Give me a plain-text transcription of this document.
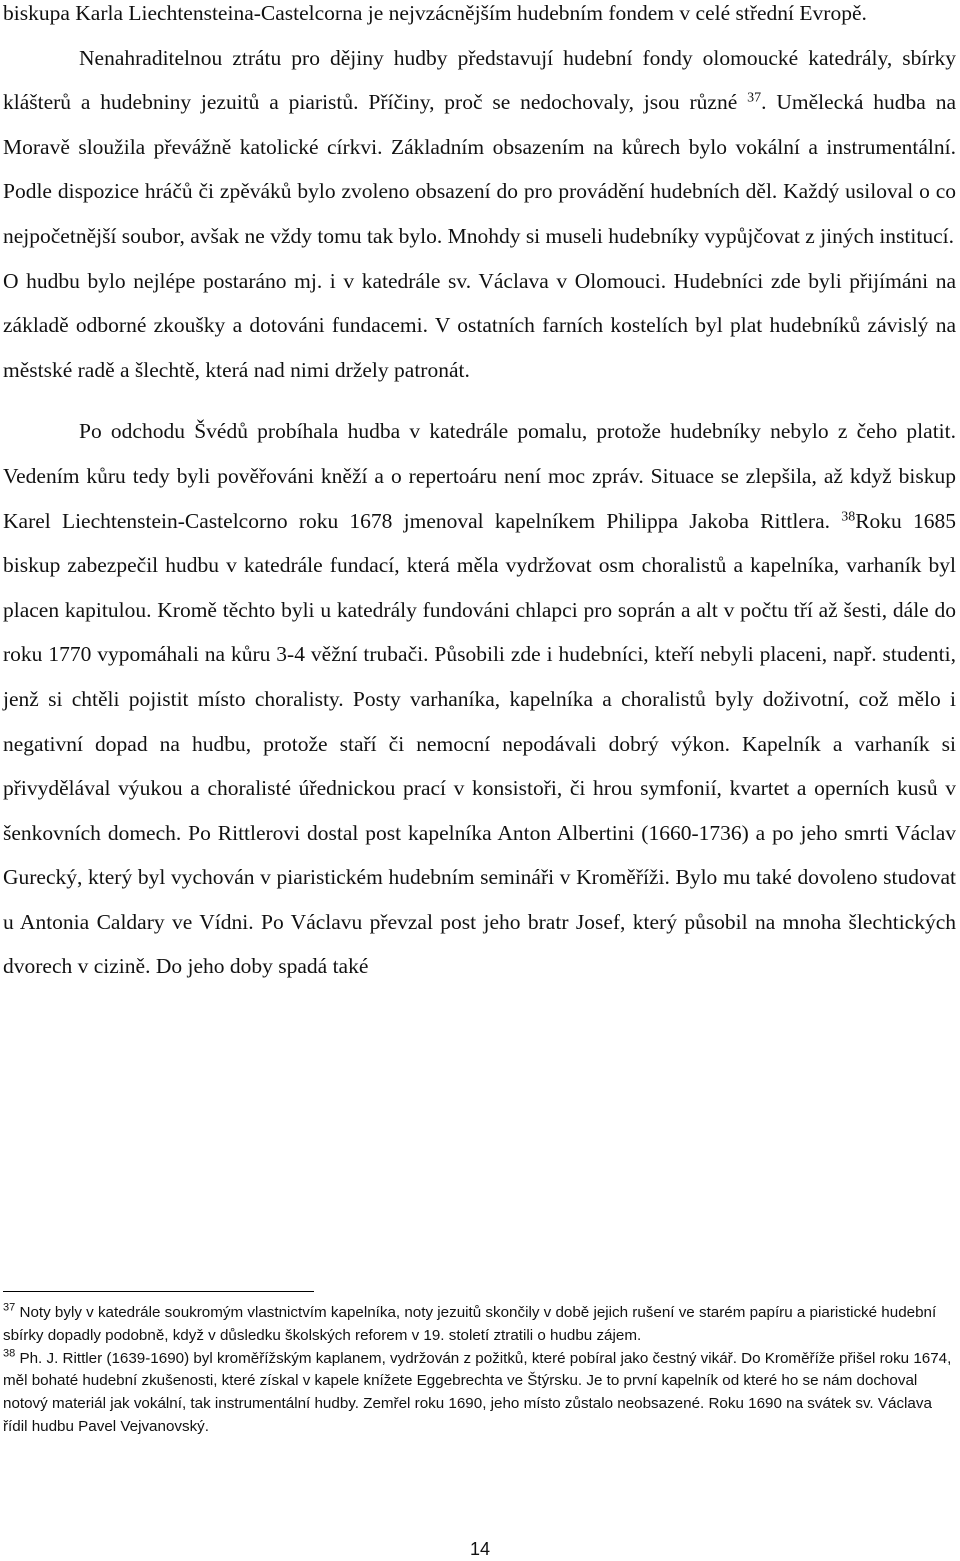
biskupa Karla Liechtensteina-Castelcorna je nejvzácnějším hudebním fondem v celé střední Evropě.

Nenahraditelnou ztrátu pro dějiny hudby představují hudební fondy olomoucké katedrály, sbírky klášterů a hudebniny jezuitů a piaristů. Příčiny, proč se nedochovaly, jsou různé $^{37}$. Umělecká hudba na Moravě sloužila převážně katolické církvi. Základním obsazením na kůrech bylo vokální a instrumentální. Podle dispozice hráčů či zpěváků bylo zvoleno obsazení do pro provádění hudebních děl. Každý usiloval o co nejpočetnější soubor, avšak ne vždy tomu tak bylo. Mnohdy si museli hudebníky vypůjčovat z jiných institucí.

O hudbu bylo nejlépe postaráno mj. i v katedrále sv. Václava v Olomouci. Hudebníci zde byli přijímáni na základě odborné zkoušky a dotováni fundacemi. V ostatních farních kostelích byl plat hudebníků závislý na městské radě a šlechtě, která nad nimi držely patronát.

Po odchodu Švédů probíhala hudba v katedrále pomalu, protože hudebníky nebylo z čeho platit. Vedením kůru tedy byli pověřováni kněží a o repertoáru není moc zpráv. Situace se zlepšila, až když biskup Karel Liechtenstein-Castelcorno roku 1678 jmenoval kapelníkem Philippa Jakoba Rittlera. $^{38}$Roku 1685 biskup zabezpečil hudbu v katedrále fundací, která měla vydržovat osm choralistů a kapelníka, varhaník byl placen kapitulou. Kromě těchto byli u katedrály fundováni chlapci pro soprán a alt v počtu tří až šesti, dále do roku 1770 vypomáhali na kůru 3-4 věžní trubači. Působili zde i hudebníci, kteří nebyli placeni, např. studenti, jenž si chtěli pojistit místo choralisty. Posty varhaníka, kapelníka a choralistů byly doživotní, což mělo i negativní dopad na hudbu, protože staří či nemocní nepodávali dobrý výkon. Kapelník a varhaník si přivydělával výukou a choralisté úřednickou prací v konsistoři, či hrou symfonií, kvartet a operních kusů v šenkovních domech. Po Rittlerovi dostal post kapelníka Anton Albertini (1660-1736) a po jeho smrti Václav Gurecký, který byl vychován v piaristickém hudebním semináři v Kroměříži. Bylo mu také dovoleno studovat u Antonia Caldary ve Vídni. Po Václavu převzal post jeho bratr Josef, který působil na mnoha šlechtických dvorech v cizině. Do jeho doby spadá také

$^{37}$ Noty byly v katedrále soukromým vlastnictvím kapelníka, noty jezuitů skončily v době jejich rušení ve starém papíru a piaristické hudební sbírky dopadly podobně, když v důsledku školských reforem v 19. století ztratili o hudbu zájem.

$^{38}$ Ph. J. Rittler (1639-1690) byl kroměřížským kaplanem, vydržován z požitků, které pobíral jako čestný vikář. Do Kroměříže přišel roku 1674, měl bohaté hudební zkušenosti, které získal v kapele knížete Eggebrechta ve Štýrsku. Je to první kapelník od které ho se nám dochoval notový materiál jak vokální, tak instrumentální hudby. Zemřel roku 1690, jeho místo zůstalo neobsazené. Roku 1690 na svátek sv. Václava řídil hudbu Pavel Vejvanovský.

14
